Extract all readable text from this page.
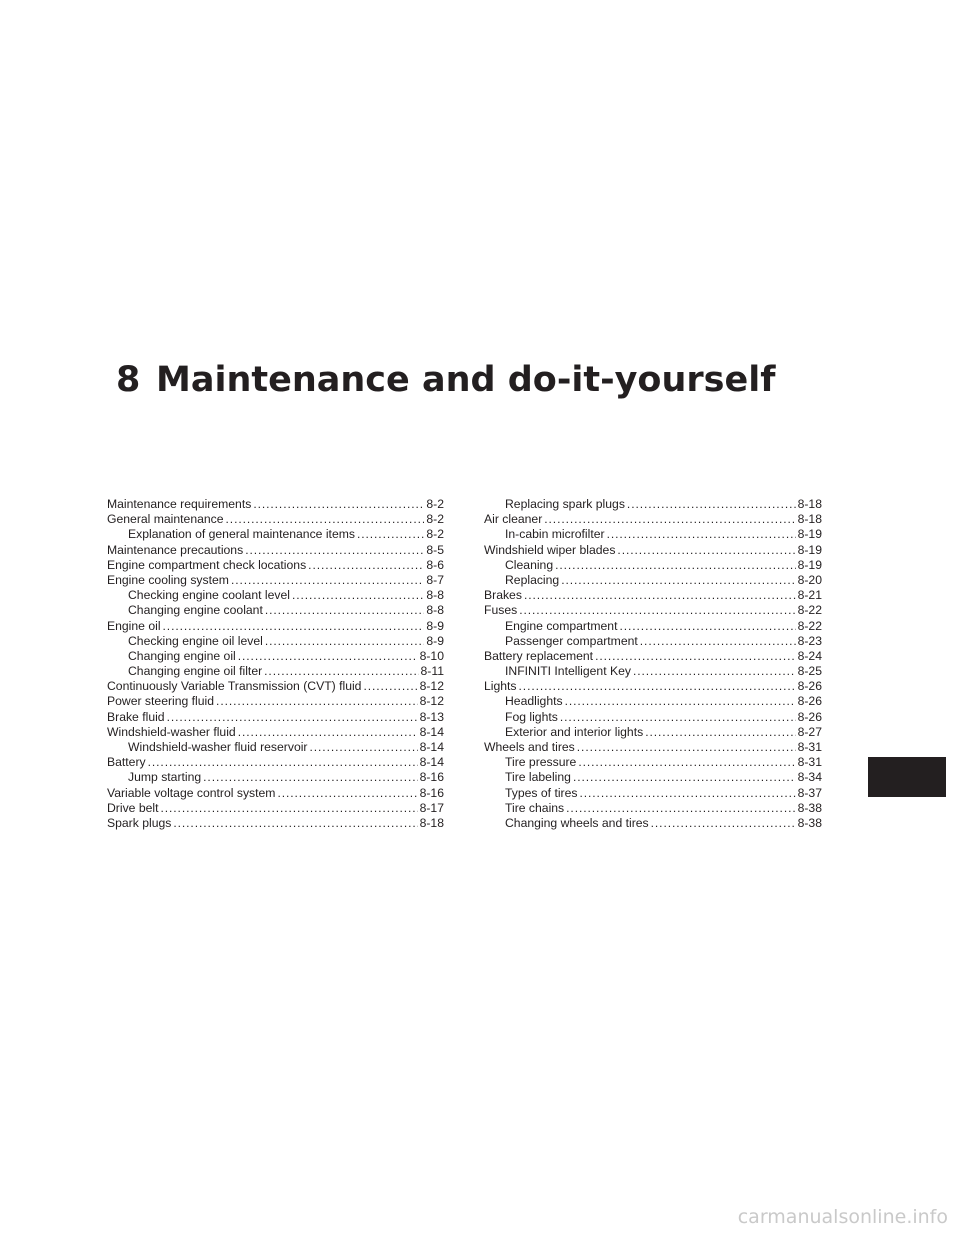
8 Maintenance and do-it-yourself
Maintenance requirements . . .	8-2
General maintenance . . .	8-2
Explanation of general maintenance items . . .	8-2
Maintenance precautions . . .	8-5
Engine compartment check locations . . .	8-6
Engine cooling system . . .	8-7
Checking engine coolant level . . .	8-8
Changing engine coolant . . .	8-8
Engine oil . . .	8-9
Checking engine oil level . . .	8-9
Changing engine oil . . .	8-10
Changing engine oil filter . . .	8-11
Continuously Variable Transmission (CVT) fluid . . .	8-12
Power steering fluid . . .	8-12
Brake fluid . . .	8-13
Windshield-washer fluid . . .	8-14
Windshield-washer fluid reservoir . . .	8-14
Battery . . .	8-14
Jump starting . . .	8-16
Variable voltage control system . . .	8-16
Drive belt . . .	8-17
Spark plugs . . .	8-18
Replacing spark plugs . . .	8-18
Air cleaner . . .	8-18
In-cabin microfilter . . .	8-19
Windshield wiper blades . . .	8-19
Cleaning . . .	8-19
Replacing . . .	8-20
Brakes . . .	8-21
Fuses . . .	8-22
Engine compartment . . .	8-22
Passenger compartment . . .	8-23
Battery replacement . . .	8-24
INFINITI Intelligent Key . . .	8-25
Lights . . .	8-26
Headlights . . .	8-26
Fog lights . . .	8-26
Exterior and interior lights . . .	8-27
Wheels and tires . . .	8-31
Tire pressure . . .	8-31
Tire labeling . . .	8-34
Types of tires . . .	8-37
Tire chains . . .	8-38
Changing wheels and tires . . .	8-38
carmanualsonline.info
